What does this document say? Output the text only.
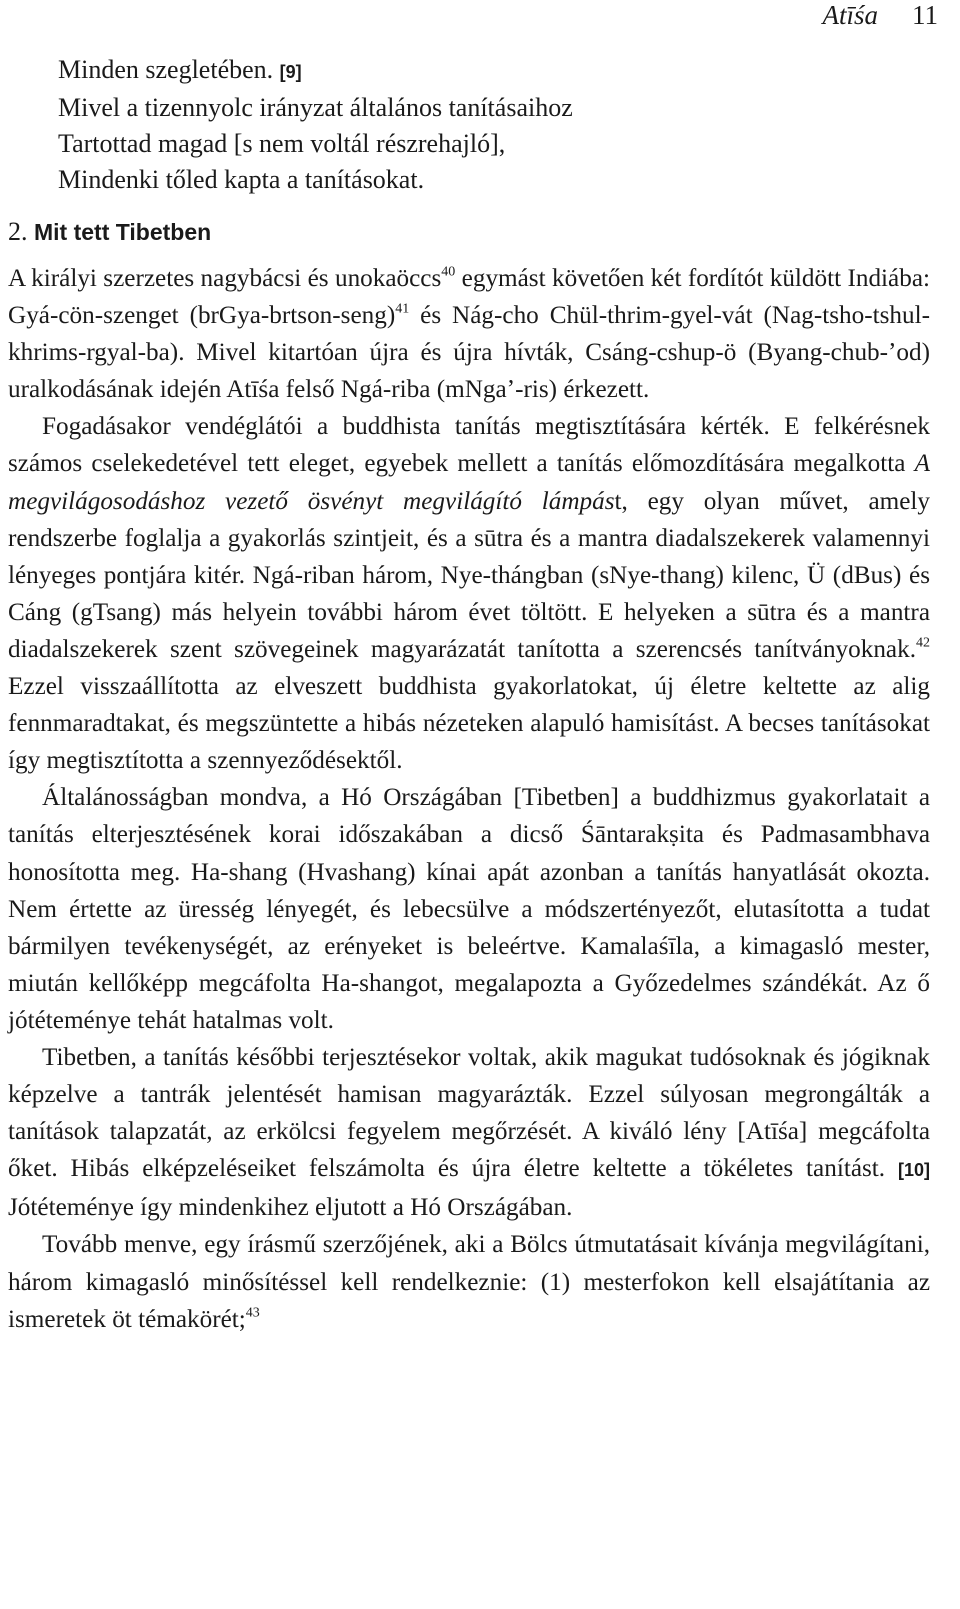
Atīśa 11
Minden szegletében. [9]
Mivel a tizennyolc irányzat általános tanításaihoz
Tartottad magad [s nem voltál részrehajló],
Mindenki tőled kapta a tanításokat.
2. Mit tett Tibetben

A királyi szerzetes nagybácsi és unokaöccs$^{40}$ egymást követően két fordítót küldött Indiába: Gyá-cön-szenget (brGya-brtson-seng)$^{41}$ és Nág-cho Chül-thrim-gyel-vát (Nag-tsho-tshul-khrims-rgyal-ba). Mivel kitartóan újra és újra hívták, Csáng-cshup-ö (Byang-chub-ʼod) uralkodásának idején Atīśa felső Ngá-riba (mNgaʼ-ris) érkezett.

Fogadásakor vendéglátói a buddhista tanítás megtisztítására kérték. E felkérésnek számos cselekedetével tett eleget, egyebek mellett a tanítás előmozdítására megalkotta A megvilágosodáshoz vezető ösvényt megvilágító lámpást, egy olyan művet, amely rendszerbe foglalja a gyakorlás szintjeit, és a sūtra és a mantra diadalszekerek valamennyi lényeges pontjára kitér. Ngá-riban három, Nye-thángban (sNye-thang) kilenc, Ü (dBus) és Cáng (gTsang) más helyein további három évet töltött. E helyeken a sūtra és a mantra diadalszekerek szent szövegeinek magyarázatát tanította a szerencsés tanítványoknak.$^{42}$ Ezzel visszaállította az elveszett buddhista gyakorlatokat, új életre keltette az alig fennmaradtakat, és megszüntette a hibás nézeteken alapuló hamisítást. A becses tanításokat így megtisztította a szennyeződésektől.

Általánosságban mondva, a Hó Országában [Tibetben] a buddhizmus gyakorlatait a tanítás elterjesztésének korai időszakában a dicső Śāntarakṣita és Padmasambhava honosította meg. Ha-shang (Hvashang) kínai apát azonban a tanítás hanyatlását okozta. Nem értette az üresség lényegét, és lebecsülve a módszertényezőt, elutasította a tudat bármilyen tevékenységét, az erényeket is beleértve. Kamalaśīla, a kimagasló mester, miután kellőképp megcáfolta Ha-shangot, megalapozta a Győzedelmes szándékát. Az ő jótéteménye tehát hatalmas volt.

Tibetben, a tanítás későbbi terjesztésekor voltak, akik magukat tudósoknak és jógiknak képzelve a tantrák jelentését hamisan magyarázták. Ezzel súlyosan megrongálták a tanítások talapzatát, az erkölcsi fegyelem megőrzését. A kiváló lény [Atīśa] megcáfolta őket. Hibás elképzeléseiket felszámolta és újra életre keltette a tökéletes tanítást. [10] Jótéteménye így mindenkihez eljutott a Hó Országában.

Tovább menve, egy írásmű szerzőjének, aki a Bölcs útmutatásait kívánja megvilágítani, három kimagasló minősítéssel kell rendelkeznie: (1) mesterfokon kell elsajátítania az ismeretek öt témakörét;$^{43}$
